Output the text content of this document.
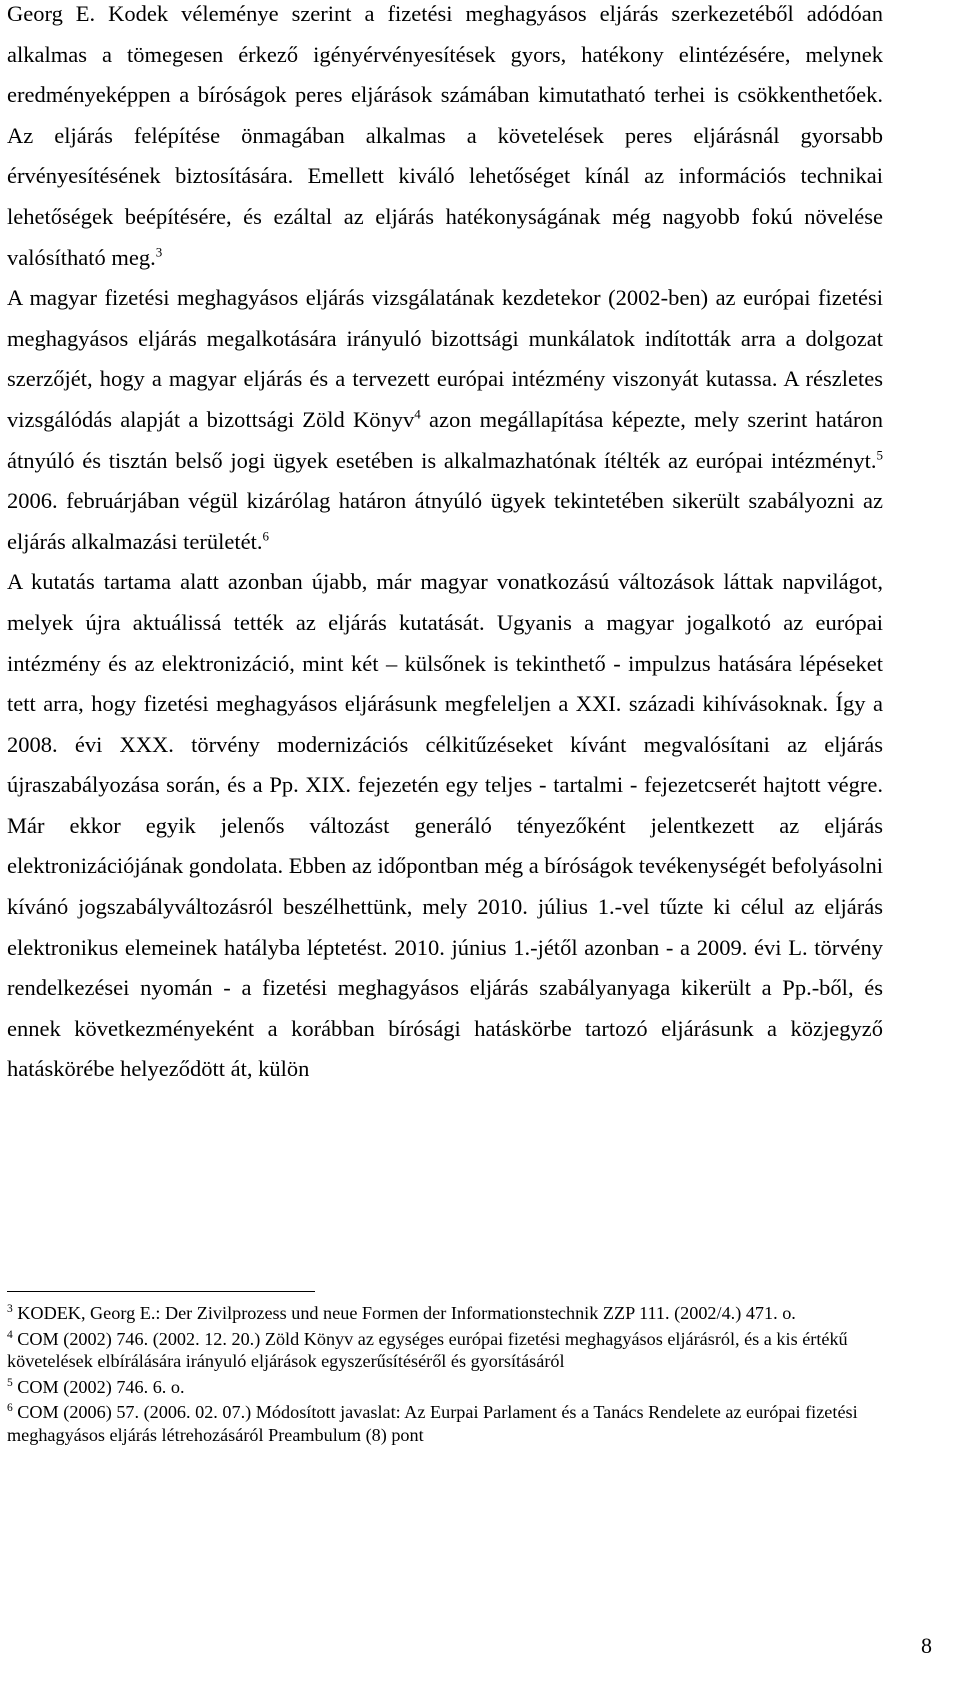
Georg E. Kodek véleménye szerint a fizetési meghagyásos eljárás szerkezetéből adódóan alkalmas a tömegesen érkező igényérvényesítések gyors, hatékony elintézésére, melynek eredményeképpen a bíróságok peres eljárások számában kimutatható terhei is csökkenthetőek. Az eljárás felépítése önmagában alkalmas a követelések peres eljárásnál gyorsabb érvényesítésének biztosítására. Emellett kiváló lehetőséget kínál az információs technikai lehetőségek beépítésére, és ezáltal az eljárás hatékonyságának még nagyobb fokú növelése valósítható meg.$^3$

A magyar fizetési meghagyásos eljárás vizsgálatának kezdetekor (2002-ben) az európai fizetési meghagyásos eljárás megalkotására irányuló bizottsági munkálatok indították arra a dolgozat szerzőjét, hogy a magyar eljárás és a tervezett európai intézmény viszonyát kutassa. A részletes vizsgálódás alapját a bizottsági Zöld Könyv$^4$ azon megállapítása képezte, mely szerint határon átnyúló és tisztán belső jogi ügyek esetében is alkalmazhatónak ítélték az európai intézményt.$^5$ 2006. februárjában végül kizárólag határon átnyúló ügyek tekintetében sikerült szabályozni az eljárás alkalmazási területét.$^6$

A kutatás tartama alatt azonban újabb, már magyar vonatkozású változások láttak napvilágot, melyek újra aktuálissá tették az eljárás kutatását. Ugyanis a magyar jogalkotó az európai intézmény és az elektronizáció, mint két – külsőnek is tekinthető - impulzus hatására lépéseket tett arra, hogy fizetési meghagyásos eljárásunk megfeleljen a XXI. századi kihívásoknak. Így a 2008. évi XXX. törvény modernizációs célkitűzéseket kívánt megvalósítani az eljárás újraszabályozása során, és a Pp. XIX. fejezetén egy teljes - tartalmi - fejezetcserét hajtott végre. Már ekkor egyik jelenős változást generáló tényezőként jelentkezett az eljárás elektronizációjának gondolata. Ebben az időpontban még a bíróságok tevékenységét befolyásolni kívánó jogszabályváltozásról beszélhettünk, mely 2010. július 1.-vel tűzte ki célul az eljárás elektronikus elemeinek hatályba léptetést. 2010. június 1.-jétől azonban - a 2009. évi L. törvény rendelkezései nyomán - a fizetési meghagyásos eljárás szabályanyaga kikerült a Pp.-ből, és ennek következményeként a korábban bírósági hatáskörbe tartozó eljárásunk a közjegyző hatáskörébe helyeződött át, külön

$^3$ KODEK, Georg E.: Der Zivilprozess und neue Formen der Informationstechnik ZZP 111. (2002/4.) 471. o.

$^4$ COM (2002) 746. (2002. 12. 20.) Zöld Könyv az egységes európai fizetési meghagyásos eljárásról, és a kis értékű követelések elbírálására irányuló eljárások egyszerűsítéséről és gyorsításáról

$^5$ COM (2002) 746. 6. o.

$^6$ COM (2006) 57. (2006. 02. 07.) Módosított javaslat: Az Eurpai Parlament és a Tanács Rendelete az európai fizetési meghagyásos eljárás létrehozásáról Preambulum (8) pont

8
